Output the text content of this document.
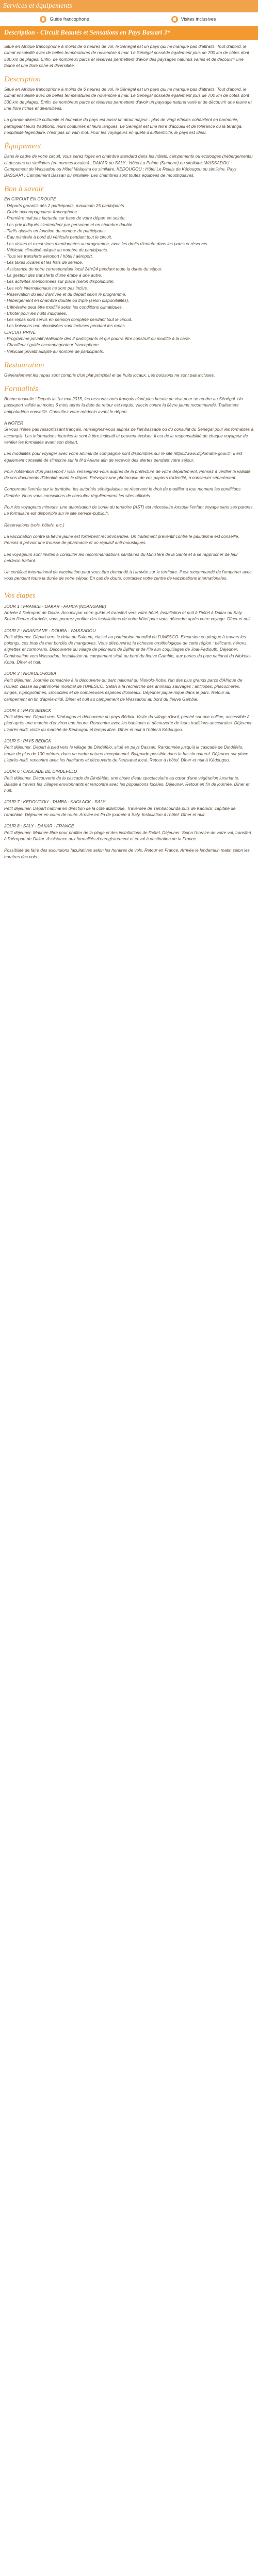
Services et équipements
Guide francophone	Visites inclusives
Description - Circuit Beautés et Sensations en Pays Bassari 3*

Situé en Afrique francophone à moins de 6 heures de vol, le Sénégal est un pays qui ne manque pas d'attraits. Tout d'abord, le climat ensoleillé avec de belles températures de novembre à mai. Le Sénégal possède également plus de 700 km de côtes dont 530 km de plages. Enfin, de nombreux parcs et réserves permettent d'avoir des paysages naturels variés et de découvrir une faune et une flore riche et diversifiée.

Description

Situé en Afrique francophone à moins de 6 heures de vol, le Sénégal est un pays qui ne manque pas d'attraits. Tout d'abord, le climat ensoleillé avec de belles températures de novembre à mai. Le Sénégal possède également plus de 700 km de côtes dont 530 km de plages. Enfin, de nombreux parcs et réserves permettent d'avoir un paysage naturel varié et de découvrir une faune et une flore riches et diversifiées.

La grande diversité culturelle et humaine du pays est aussi un atout majeur : plus de vingt ethnies cohabitent en harmonie, partageant leurs traditions, leurs coutumes et leurs langues. Le Sénégal est une terre d'accueil et de tolérance où la téranga, hospitalité légendaire, n'est pas un vain mot. Pour les voyageurs en quête d'authenticité, le pays est idéal.

Équipement

Dans le cadre de votre circuit, vous serez logés en chambre standard dans les hôtels, campements ou écolodges (hébergements) ci-dessous ou similaires (en normes locales) : DAKAR ou SALY : Hôtel La Pointe (Somone) ou similaire. WASSADOU : Campement de Wassadou ou Hôtel Malayina ou similaire. KEDOUGOU : Hôtel Le Relais de Kédougou ou similaire. Pays BASSARI : Campement Bassari ou similaire. Les chambres sont toutes équipées de moustiquaires.

Bon à savoir
EN CIRCUIT EN GROUPE
- Départs garantis dès 2 participants, maximum 25 participants.
- Guide accompagnateur francophone.
- Première nuit pas facturée sur base de votre départ en soirée.
- Les prix indiqués s'entendent par personne et en chambre double.
- Tarifs ajustés en fonction du nombre de participants.
- Eau minérale à bord du véhicule pendant tout le circuit.
- Les visites et excursions mentionnées au programme, avec les droits d'entrée dans les parcs et réserves.
- Véhicule climatisé adapté au nombre de participants.
- Tous les transferts aéroport / hôtel / aéroport.
- Les taxes locales et les frais de service.
- Assistance de notre correspondant local 24h/24 pendant toute la durée du séjour.
- La gestion des transferts d'une étape à une autre.
- Les activités mentionnées sur place (selon disponibilité).
- Les vols internationaux ne sont pas inclus.
- Réservation du lieu d'arrivée et du départ selon le programme.
- Hébergement en chambre double ou triple (selon disponibilités).
- L'itinéraire peut être modifié selon les conditions climatiques.
- L'hôtel pour les nuits indiquées.
- Les repas sont servis en pension complète pendant tout le circuit.
- Les boissons non alcoolisées sont incluses pendant les repas.
CIRCUIT PRIVÉ
- Programme privatif réalisable dès 2 participants et qui pourra être construit ou modifié à la carte.
- Chauffeur / guide accompagnateur francophone.
- Véhicule privatif adapté au nombre de participants.
Restauration

Généralement les repas sont compris d'un plat principal et de fruits locaux. Les boissons ne sont pas incluses.

Formalités

Bonne nouvelle ! Depuis le 1er mai 2015, les ressortissants français n'ont plus besoin de visa pour se rendre au Sénégal. Un passeport valide au moins 6 mois après la date de retour est requis. Vaccin contre la fièvre jaune recommandé. Traitement antipaludéen conseillé. Consultez votre médecin avant le départ.

A NOTER
Si vous n'êtes pas ressortissant français, renseignez-vous auprès de l'ambassade ou du consulat du Sénégal pour les formalités à accomplir. Les informations fournies le sont à titre indicatif et peuvent évoluer. Il est de la responsabilité de chaque voyageur de vérifier les formalités avant son départ.

Les modalités pour voyager avec votre animal de compagnie sont disponibles sur le site https://www.diplomatie.gouv.fr. Il est également conseillé de s'inscrire sur le fil d'Ariane afin de recevoir des alertes pendant votre séjour.

Pour l'obtention d'un passeport / visa, renseignez-vous auprès de la préfecture de votre département. Pensez à vérifier la validité de vos documents d'identité avant le départ. Prévoyez une photocopie de vos papiers d'identité, à conserver séparément.

Concernant l'entrée sur le territoire, les autorités sénégalaises se réservent le droit de modifier à tout moment les conditions d'entrée. Nous vous conseillons de consulter régulièrement les sites officiels.

Pour les voyageurs mineurs, une autorisation de sortie du territoire (AST) est nécessaire lorsque l'enfant voyage sans ses parents. Le formulaire est disponible sur le site service-public.fr.

Réservations (vols, hôtels, etc.)

La vaccination contre la fièvre jaune est fortement recommandée. Un traitement préventif contre le paludisme est conseillé. Pensez à prévoir une trousse de pharmacie et un répulsif anti-moustiques.

Les voyageurs sont invités à consulter les recommandations sanitaires du Ministère de la Santé et à se rapprocher de leur médecin traitant.

Un certificat international de vaccination peut vous être demandé à l'arrivée sur le territoire. Il est recommandé de l'emporter avec vous pendant toute la durée de votre séjour. En cas de doute, contactez votre centre de vaccinations internationales.

Vos étapes
JOUR 1 : FRANCE - DAKAR - FAHCA (NDANGANE)
Arrivée à l'aéroport de Dakar. Accueil par votre guide et transfert vers votre hôtel. Installation et nuit à l'hôtel à Dakar ou Saly. Selon l'heure d'arrivée, vous pourrez profiter des installations de votre hôtel pour vous détendre après votre voyage. Dîner et nuit.
JOUR 2 : NDANGANE - DOUBA - WASSADOU
Petit déjeuner. Départ vers le delta du Saloum, classé au patrimoine mondial de l'UNESCO. Excursion en pirogue à travers les bolongs, ces bras de mer bordés de mangroves. Vous découvrirez la richesse ornithologique de cette région : pélicans, hérons, aigrettes et cormorans. Découverte du village de pêcheurs de Djiffer et de l'île aux coquillages de Joal-Fadiouth. Déjeuner. Continuation vers Wassadou. Installation au campement situé au bord du fleuve Gambie, aux portes du parc national du Niokolo-Koba. Dîner et nuit.
JOUR 3 : NIOKOLO-KOBA
Petit déjeuner. Journée consacrée à la découverte du parc national du Niokolo-Koba, l'un des plus grands parcs d'Afrique de l'Ouest, classé au patrimoine mondial de l'UNESCO. Safari à la recherche des animaux sauvages : antilopes, phacochères, singes, hippopotames, crocodiles et de nombreuses espèces d'oiseaux. Déjeuner pique-nique dans le parc. Retour au campement en fin d'après-midi. Dîner et nuit au campement de Wassadou au bord du fleuve Gambie.
JOUR 4 : PAYS BEDICK
Petit déjeuner. Départ vers Kédougou et découverte du pays Bédick. Visite du village d'Iwol, perché sur une colline, accessible à pied après une marche d'environ une heure. Rencontre avec les habitants et découverte de leurs traditions ancestrales. Déjeuner. L'après-midi, visite du marché de Kédougou et temps libre. Dîner et nuit à l'hôtel à Kédougou.
JOUR 5 : PAYS BEDICK
Petit déjeuner. Départ à pied vers le village de Dindéfélo, situé en pays Bassari. Randonnée jusqu'à la cascade de Dindéfélo, haute de plus de 100 mètres, dans un cadre naturel exceptionnel. Baignade possible dans le bassin naturel. Déjeuner sur place. L'après-midi, rencontre avec les habitants et découverte de l'artisanat local. Retour à l'hôtel. Dîner et nuit à Kédougou.
JOUR 6 : CASCADE DE DINDEFELO
Petit déjeuner. Découverte de la cascade de Dindéfélo, une chute d'eau spectaculaire au cœur d'une végétation luxuriante. Balade à travers les villages environnants et rencontre avec les populations locales. Déjeuner. Retour en fin de journée. Dîner et nuit.
JOUR 7 : KEDOUGOU - TAMBA - KAOLACK - SALY
Petit déjeuner. Départ matinal en direction de la côte atlantique. Traversée de Tambacounda puis de Kaolack, capitale de l'arachide. Déjeuner en cours de route. Arrivée en fin de journée à Saly. Installation à l'hôtel. Dîner et nuit.
JOUR 8 : SALY - DAKAR - FRANCE
Petit déjeuner. Matinée libre pour profiter de la plage et des installations de l'hôtel. Déjeuner. Selon l'horaire de votre vol, transfert à l'aéroport de Dakar. Assistance aux formalités d'enregistrement et envol à destination de la France.

Possibilité de faire des excursions facultatives selon les horaires de vols. Retour en France. Arrivée le lendemain matin selon les horaires des vols.
